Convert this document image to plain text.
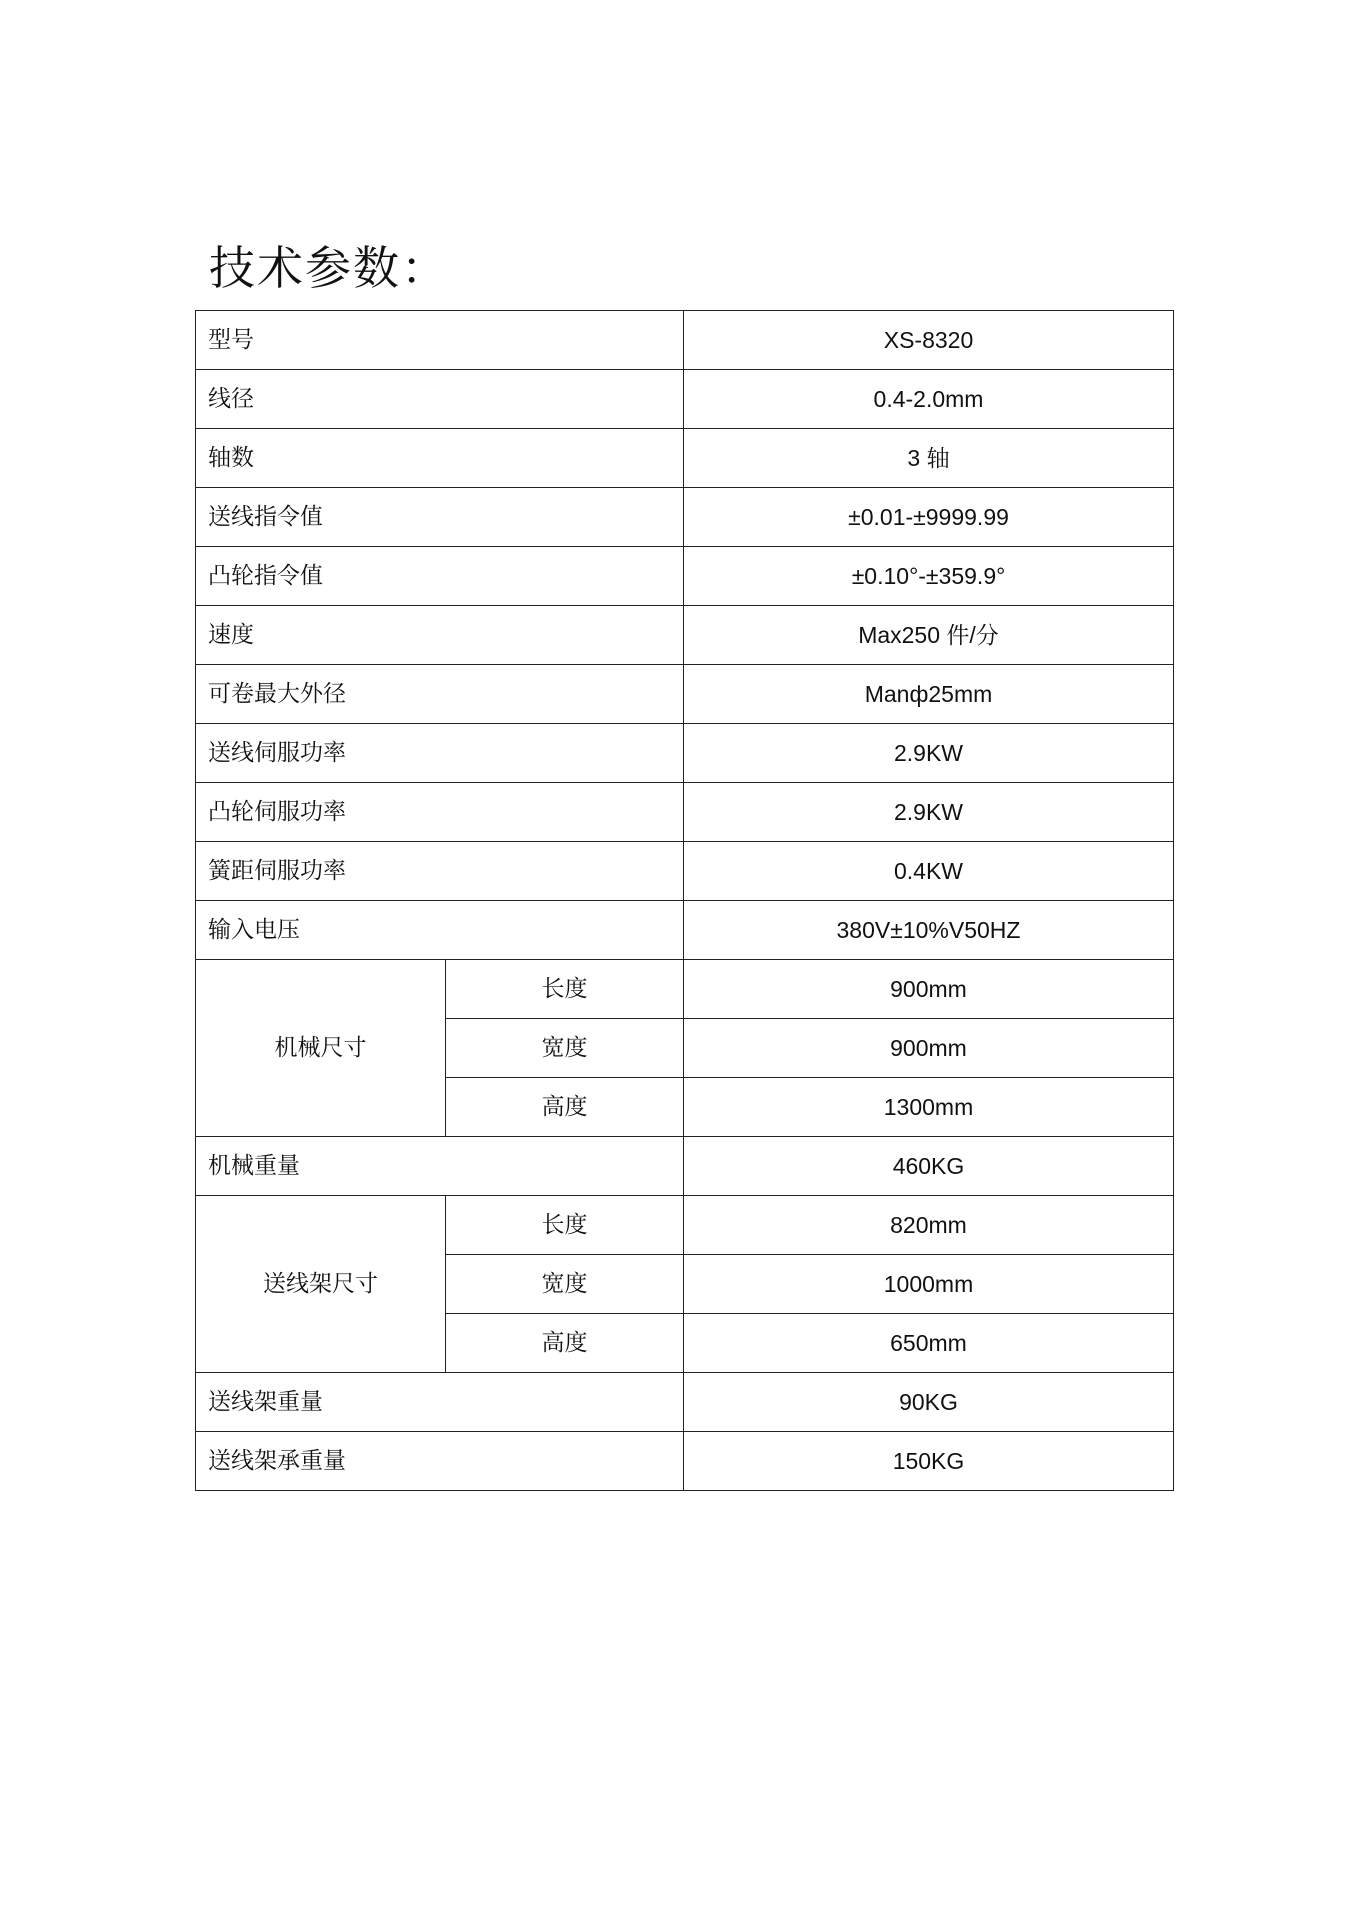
技术参数：
型号		XS-8320
线径		0.4-2.0mm
轴数		3 轴
送线指令值		±0.01-±9999.99
凸轮指令值		±0.10°-±359.9°
速度		Max250 件/分
可卷最大外径		Manф25mm
送线伺服功率		2.9KW
凸轮伺服功率		2.9KW
簧距伺服功率		0.4KW
输入电压		380V±10%V50HZ
机械尺寸	长度	900mm
	宽度	900mm
	高度	1300mm
机械重量		460KG
送线架尺寸	长度	820mm
	宽度	1000mm
	高度	650mm
送线架重量		90KG
送线架承重量		150KG
